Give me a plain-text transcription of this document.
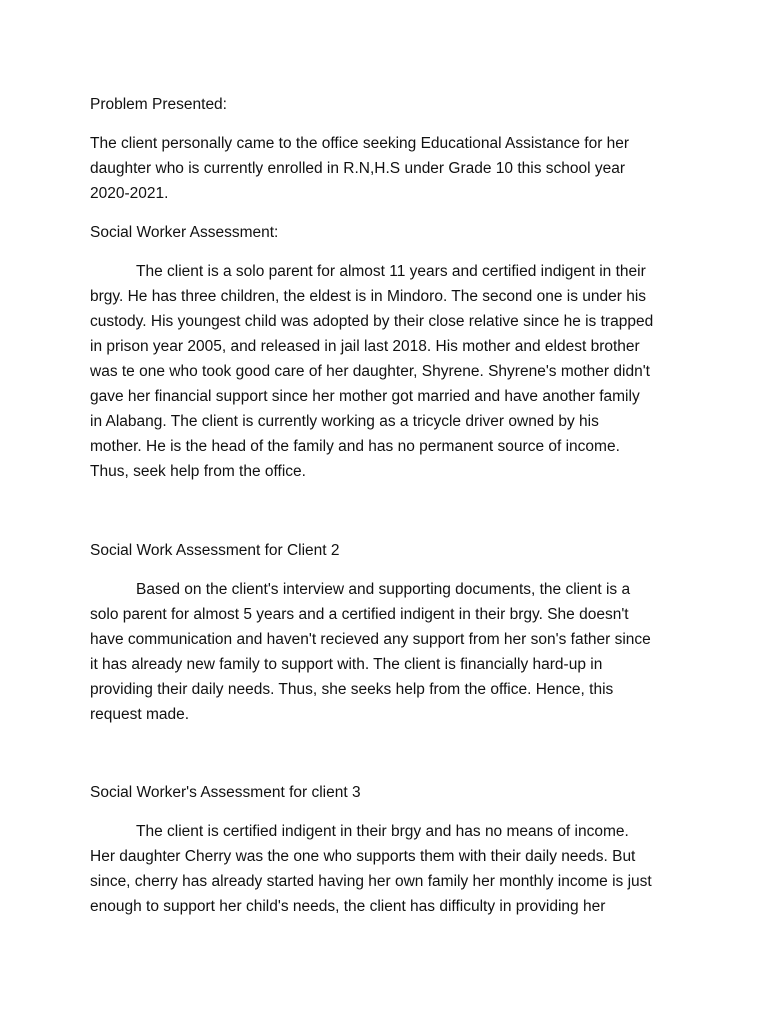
Problem Presented:
The client personally came to the office seeking Educational Assistance for her
daughter who is currently enrolled in R.N,H.S under Grade 10 this school year
2020-2021.
Social Worker Assessment:
The client is a solo parent for almost 11 years and certified indigent in their
brgy. He has three children, the eldest is in Mindoro. The second one is under his
custody. His youngest child was adopted by their close relative since he is trapped
in prison year 2005, and released in jail last 2018. His mother and eldest brother
was te one who took good care of her daughter, Shyrene. Shyrene's mother didn't
gave her financial support since her mother got married and have another family
in Alabang. The client is currently working as a tricycle driver owned by his
mother. He is the head of the family and has no permanent source of income.
Thus, seek help from the office.
Social Work Assessment for Client 2
Based on the client's interview and supporting documents, the client is a
solo parent for almost 5 years and a certified indigent in their brgy. She doesn't
have communication and haven't recieved any support from her son's father since
it has already new family to support with. The client is financially hard-up in
providing their daily needs. Thus, she seeks help from the office. Hence, this
request made.
Social Worker's Assessment for client 3
The client is certified indigent in their brgy and has no means of income.
Her daughter Cherry was the one who supports them with their daily needs. But
since, cherry has already started having her own family her monthly income is just
enough to support her child's needs, the client has difficulty in providing her
